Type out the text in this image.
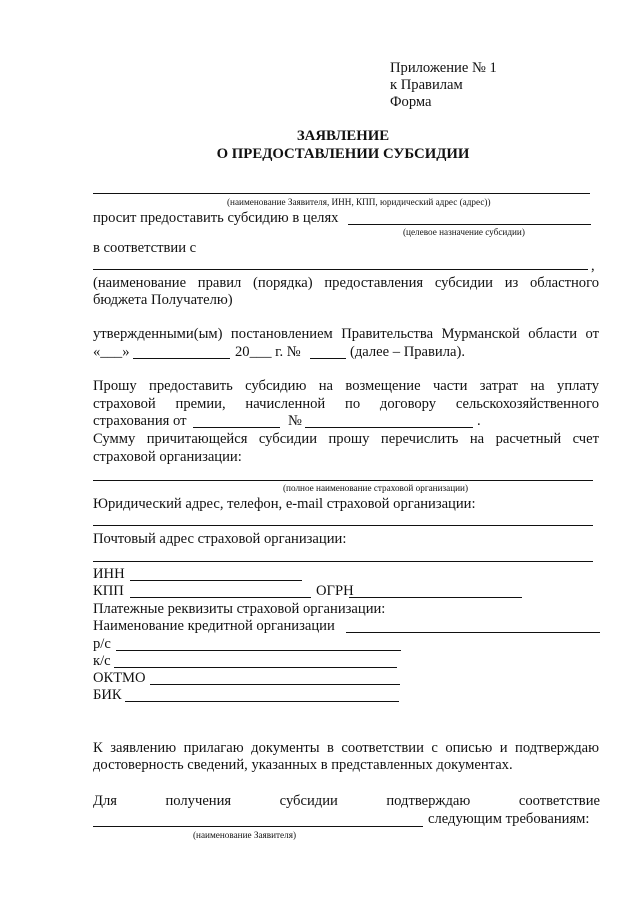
Приложение № 1
к Правилам
Форма
ЗАЯВЛЕНИЕ
О ПРЕДОСТАВЛЕНИИ СУБСИДИИ
(наименование Заявителя, ИНН, КПП, юридический адрес (адрес))
просит предоставить субсидию в целях
(целевое назначение субсидии)
в соответствии с
,
(наименование правил (порядка) предоставления субсидии из областного
бюджета Получателю)
утвержденными(ым) постановлением Правительства Мурманской области от
«___»	20___ г. №	(далее – Правила).
Прошу предоставить субсидию на возмещение части затрат на уплату
страховой премии, начисленной по договору сельскохозяйственного
страхования от	№	.
Сумму причитающейся субсидии прошу перечислить на расчетный счет
страховой организации:
(полное наименование страховой организации)
Юридический адрес, телефон, e-mail страховой организации:
Почтовый адрес страховой организации:
ИНН
КПП	ОГРН
Платежные реквизиты страховой организации:
Наименование кредитной организации
р/с
к/с
ОКТМО
БИК
К заявлению прилагаю документы в соответствии с описью и подтверждаю
достоверность сведений, указанных в представленных документах.
Для	получения	субсидии	подтверждаю	соответствие
следующим требованиям:
(наименование Заявителя)
